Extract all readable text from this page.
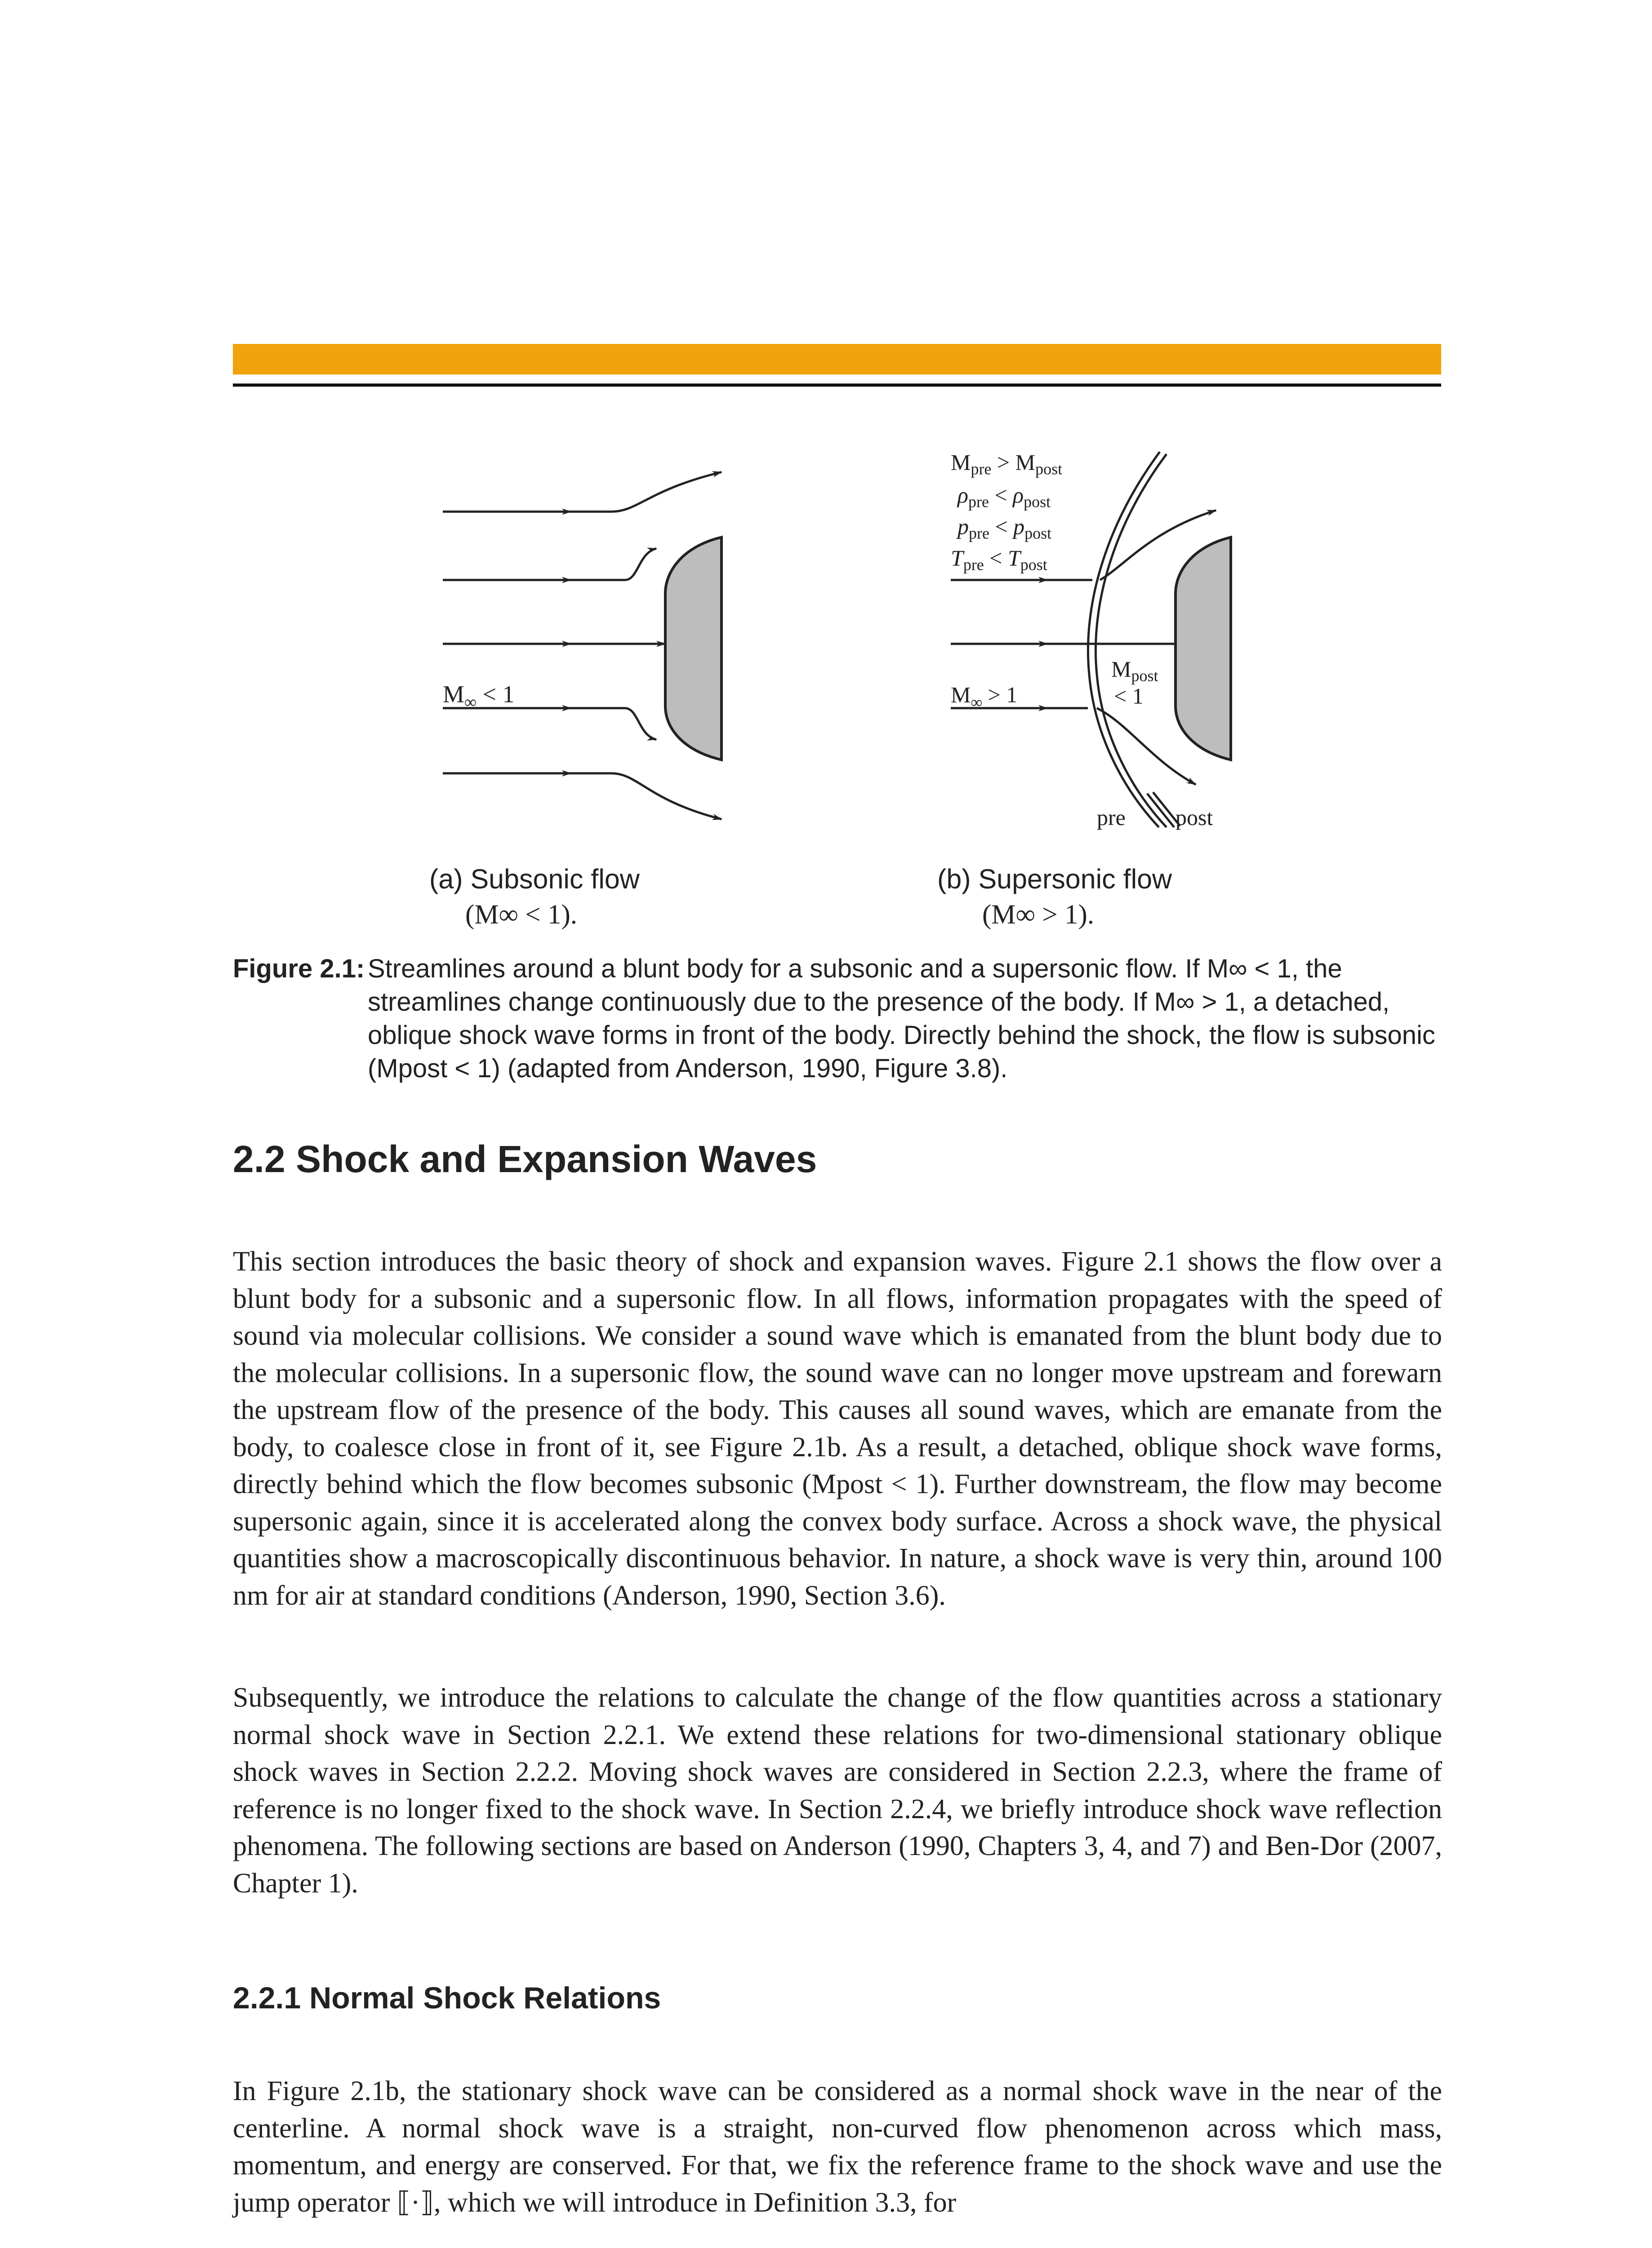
$M_\infty < 1$
$M_{pre} > M_{post}$
$\rho_{pre} < \rho_{post}$
$p_{pre} < p_{post}$
$T_{pre} < T_{post}$
$M_\infty > 1$
$M_{post}$
< 1
pre post
(a) Subsonic flow
(M∞ < 1).
(b) Supersonic flow
(M∞ > 1).
Figure 2.1: Streamlines around a blunt body for a subsonic and a supersonic flow. If M∞ < 1, the streamlines change continuously due to the presence of the body. If M∞ > 1, a detached, oblique shock wave forms in front of the body. Directly behind the shock, the flow is subsonic (Mpost < 1) (adapted from Anderson, 1990, Figure 3.8).
2.2 Shock and Expansion Waves
This section introduces the basic theory of shock and expansion waves. Figure 2.1 shows the flow over a blunt body for a subsonic and a supersonic flow. In all flows, information propagates with the speed of sound via molecular collisions. We consider a sound wave which is emanated from the blunt body due to the molecular collisions. In a supersonic flow, the sound wave can no longer move upstream and forewarn the upstream flow of the presence of the body. This causes all sound waves, which are emanate from the body, to coalesce close in front of it, see Figure 2.1b. As a result, a detached, oblique shock wave forms, directly behind which the flow becomes subsonic (Mpost < 1). Further downstream, the flow may become supersonic again, since it is accelerated along the convex body surface. Across a shock wave, the physical quantities show a macroscopically discontinuous behavior. In nature, a shock wave is very thin, around 100 nm for air at standard conditions (Anderson, 1990, Section 3.6).
Subsequently, we introduce the relations to calculate the change of the flow quantities across a stationary normal shock wave in Section 2.2.1. We extend these relations for two-dimensional stationary oblique shock waves in Section 2.2.2. Moving shock waves are considered in Section 2.2.3, where the frame of reference is no longer fixed to the shock wave. In Section 2.2.4, we briefly introduce shock wave reflection phenomena. The following sections are based on Anderson (1990, Chapters 3, 4, and 7) and Ben-Dor (2007, Chapter 1).
2.2.1 Normal Shock Relations
In Figure 2.1b, the stationary shock wave can be considered as a normal shock wave in the near of the centerline. A normal shock wave is a straight, non-curved flow phenomenon across which mass, momentum, and energy are conserved. For that, we fix the reference frame to the shock wave and use the jump operator ⟦·⟧, which we will introduce in Definition 3.3, for
